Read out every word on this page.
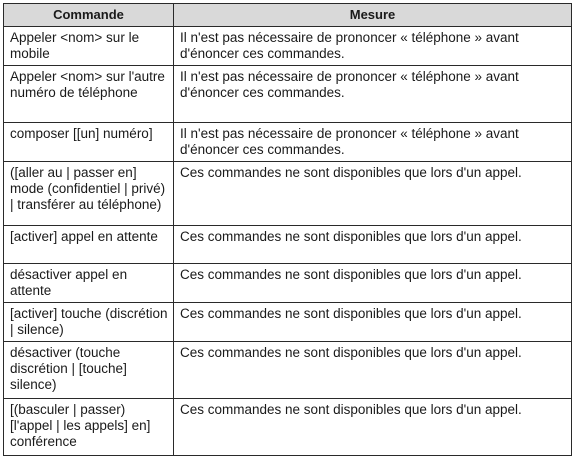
Commande	Mesure
Appeler <nom> sur le mobile	Il n'est pas nécessaire de prononcer « téléphone » avant d'énoncer ces commandes.
Appeler <nom> sur l'autre numéro de téléphone	Il n'est pas nécessaire de prononcer « téléphone » avant d'énoncer ces commandes.
composer [[un] numéro]	Il n'est pas nécessaire de prononcer « téléphone » avant d'énoncer ces commandes.
([aller au | passer en] mode (confidentiel | privé) | transférer au téléphone)	Ces commandes ne sont disponibles que lors d'un appel.
[activer] appel en attente	Ces commandes ne sont disponibles que lors d'un appel.
désactiver appel en attente	Ces commandes ne sont disponibles que lors d'un appel.
[activer] touche (discrétion | silence)	Ces commandes ne sont disponibles que lors d'un appel.
désactiver (touche discrétion | [touche] silence)	Ces commandes ne sont disponibles que lors d'un appel.
[(basculer | passer) [l'appel | les appels] en] conférence	Ces commandes ne sont disponibles que lors d'un appel.
